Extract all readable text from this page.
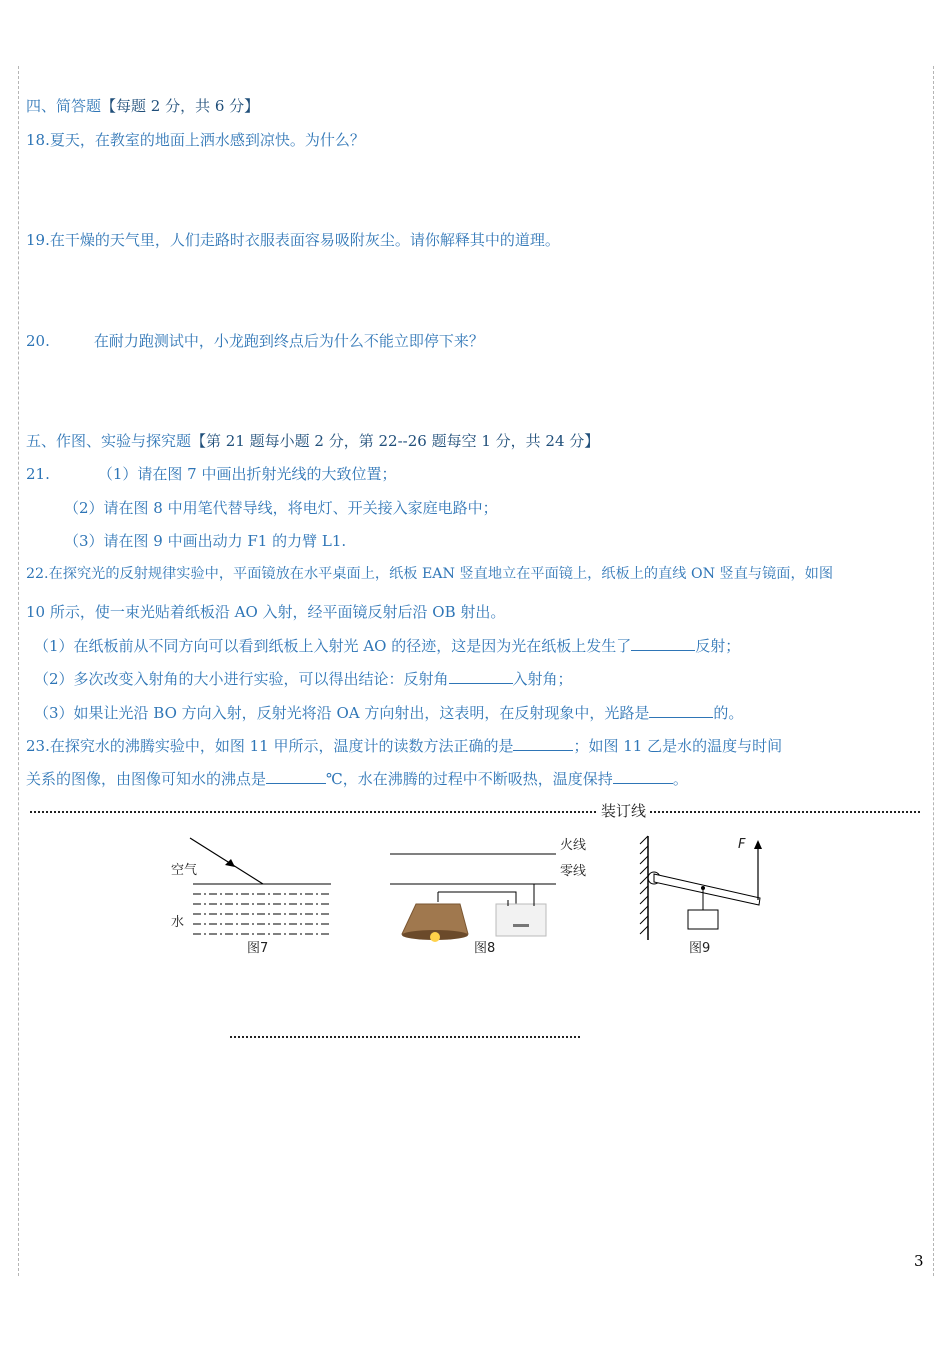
四、简答题【每题 2 分，共 6 分】
18.夏天，在教室的地面上洒水感到凉快。为什么？
19.在干燥的天气里，人们走路时衣服表面容易吸附灰尘。请你解释其中的道理。
20.	在耐力跑测试中，小龙跑到终点后为什么不能立即停下来？
五、作图、实验与探究题【第 21 题每小题 2 分，第 22--26 题每空 1 分，共 24 分】
21.	（1）请在图 7 中画出折射光线的大致位置；
（2）请在图 8 中用笔代替导线，将电灯、开关接入家庭电路中；
（3）请在图 9 中画出动力 F1 的力臂 L1.
22.在探究光的反射规律实验中，平面镜放在水平桌面上，纸板 EAN 竖直地立在平面镜上，纸板上的直线 ON 竖直与镜面，如图
10 所示，使一束光贴着纸板沿 AO 入射，经平面镜反射后沿 OB 射出。
（1）在纸板前从不同方向可以看到纸板上入射光 AO 的径迹，这是因为光在纸板上发生了	反射；
（2）多次改变入射角的大小进行实验，可以得出结论：反射角	入射角；
（3）如果让光沿 BO 方向入射，反射光将沿 OA 方向射出，这表明，在反射现象中，光路是	的。
23.在探究水的沸腾实验中，如图 11 甲所示，温度计的读数方法正确的是	；如图 11 乙是水的温度与时间
关系的图像，由图像可知水的沸点是	℃，水在沸腾的过程中不断吸热，温度保持	。
装订线
空气
水
图7
火线
零线
图8
F
图9
3
